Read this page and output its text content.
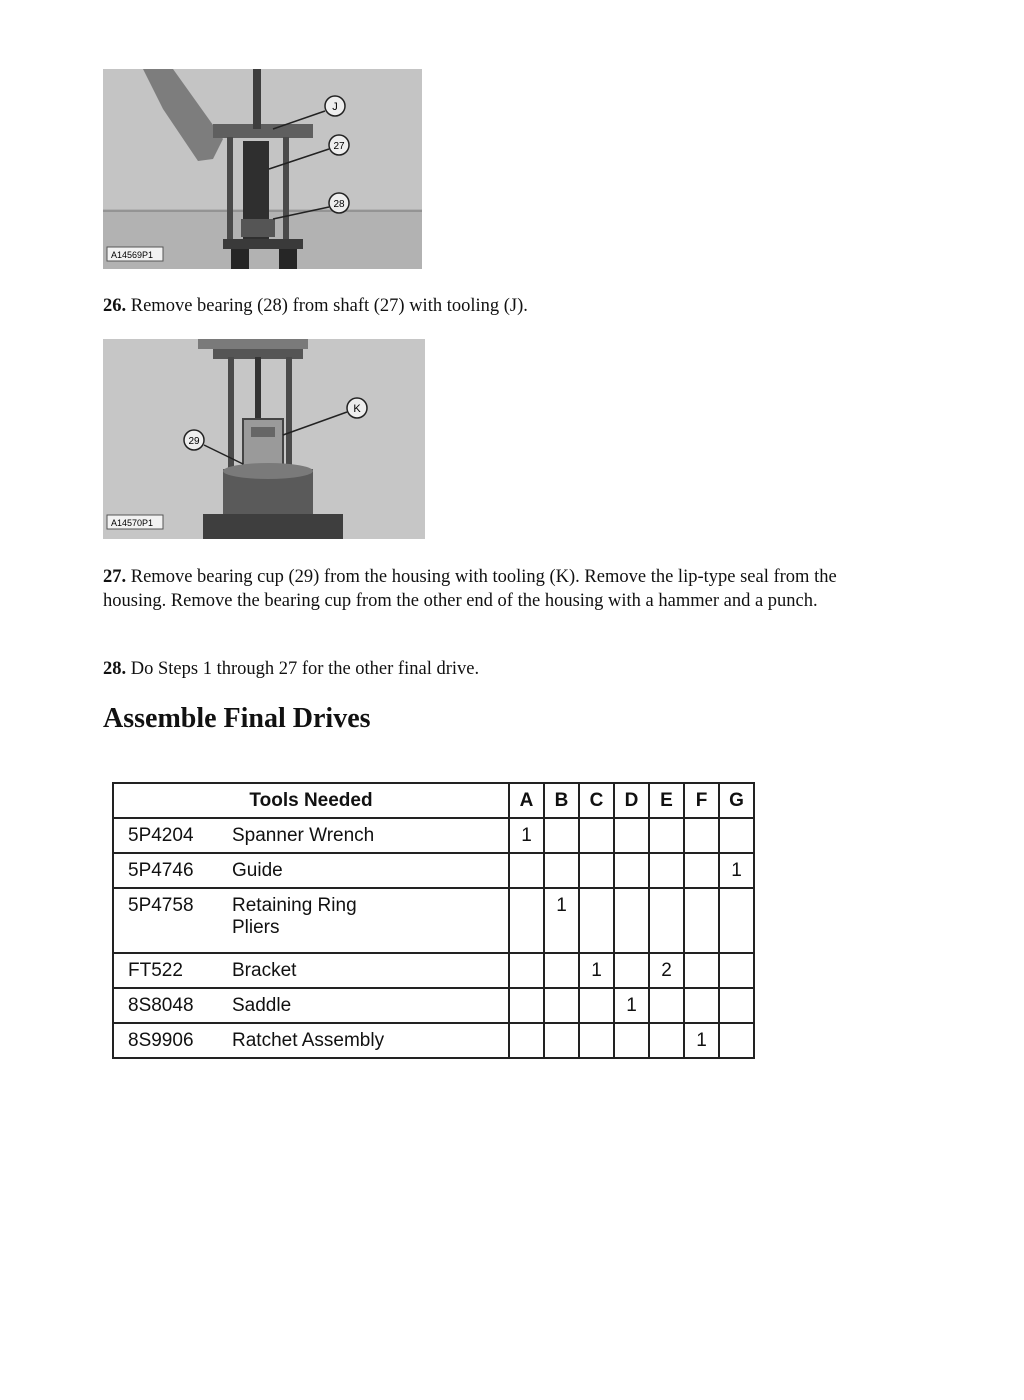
J
27
28
A14569P1

26. Remove bearing (28) from shaft (27) with tooling (J).

K
29
A14570P1

27. Remove bearing cup (29) from the housing with tooling (K). Remove the lip-type seal from the housing. Remove the bearing cup from the other end of the housing with a hammer and a punch.

28. Do Steps 1 through 27 for the other final drive.

Assemble Final Drives
Tools Needed	A	B	C	D	E	F	G
5P4204 Spanner Wrench	1						
5P4746 Guide							1
5P4758 Retaining Ring
Pliers		1					
FT522 Bracket			1		2		
8S8048 Saddle				1			
8S9906 Ratchet Assembly						1	
